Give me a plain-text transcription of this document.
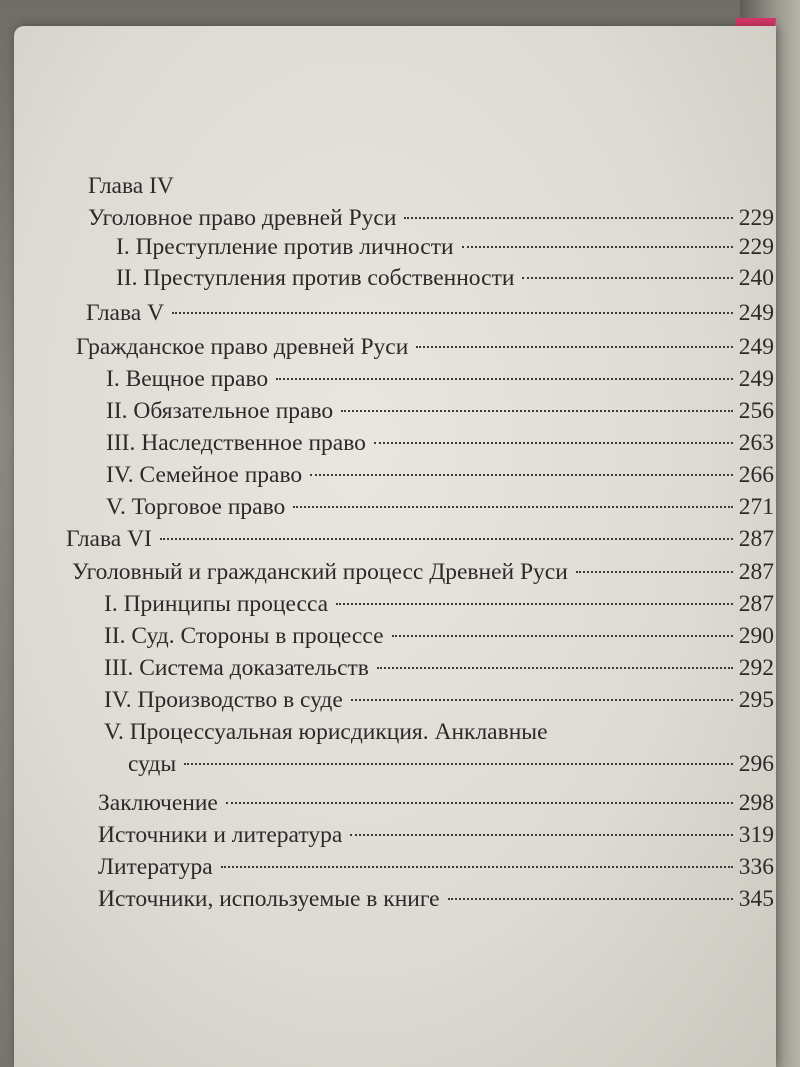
Глава IV
Уголовное право древней Руси	229
I. Преступление против личности	229
II. Преступления против собственности	240
Глава V	249
Гражданское право древней Руси	249
I. Вещное право	249
II. Обязательное право	256
III. Наследственное право	263
IV. Семейное право	266
V. Торговое право	271
Глава VI	287
Уголовный и гражданский процесс Древней Руси	287
I. Принципы процесса	287
II. Суд. Стороны в процессе	290
III. Система доказательств	292
IV. Производство в суде	295
V. Процессуальная юрисдикция. Анклавные
суды	296
Заключение	298
Источники и литература	319
Литература	336
Источники, используемые в книге	345
